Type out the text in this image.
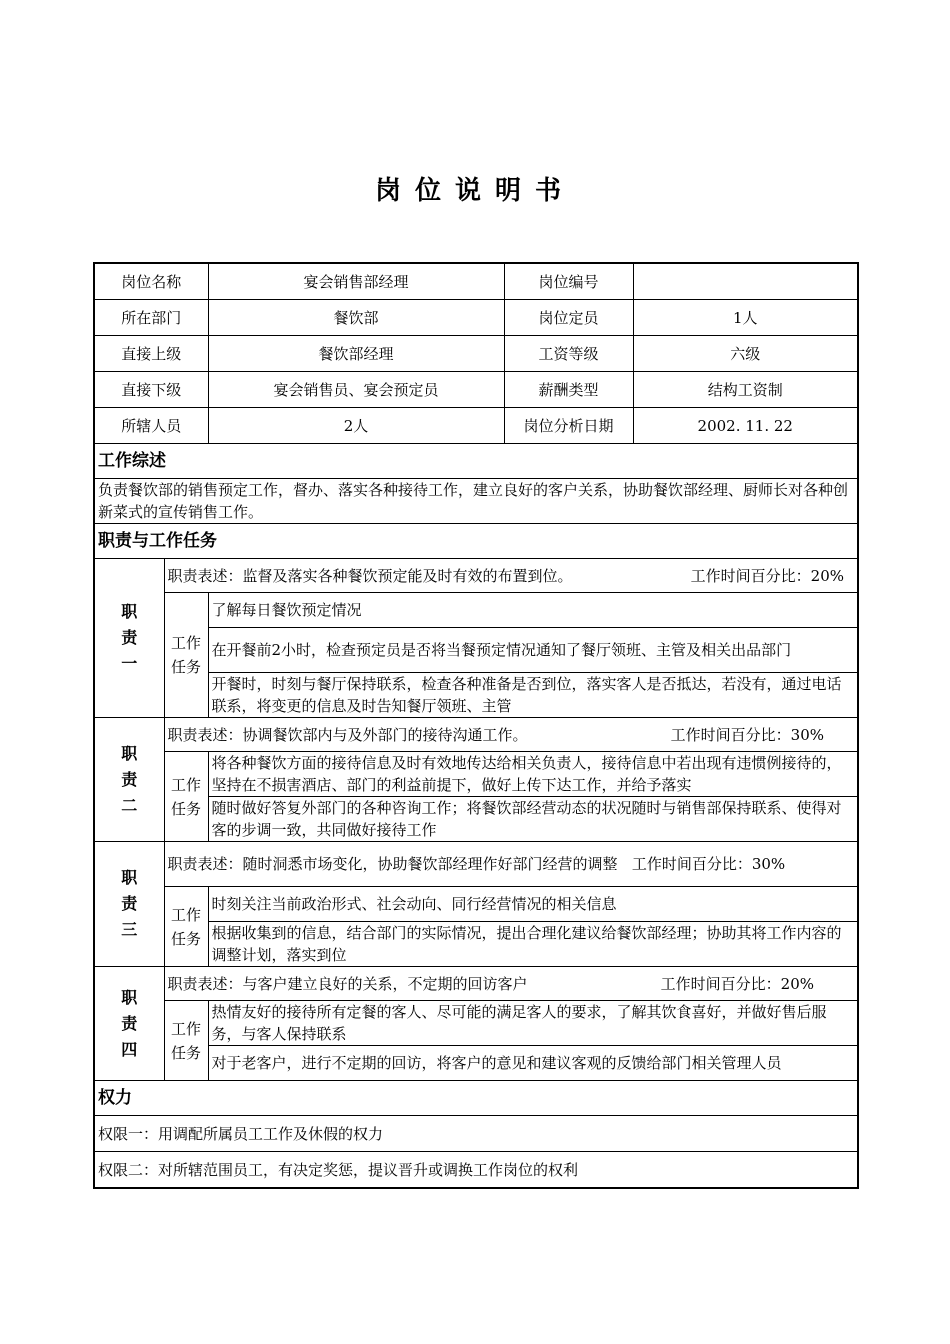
岗位说明书
岗位名称		宴会销售部经理	岗位编号	
所在部门		餐饮部	岗位定员	1人
直接上级		餐饮部经理	工资等级	六级
直接下级		宴会销售员、宴会预定员	薪酬类型	结构工资制
所辖人员		2人	岗位分析日期	2002. 11. 22
工作综述				
负责餐饮部的销售预定工作，督办、落实各种接待工作，建立良好的客户关系，协助餐饮部经理、厨师长对各种创新菜式的宣传销售工作。				
职责与工作任务				

职责一	职责表述：监督及落实各种餐饮预定能及时有效的布置到位。 工作时间百分比：20%			

	工作任务	了解每日餐饮预定情况		
		在开餐前2小时，检查预定员是否将当餐预定情况通知了餐厅领班、主管及相关出品部门		
		开餐时，时刻与餐厅保持联系，检查各种准备是否到位，落实客人是否抵达，若没有，通过电话联系，将变更的信息及时告知餐厅领班、主管		

职责二	职责表述：协调餐饮部内与及外部门的接待沟通工作。 工作时间百分比：30%			

	工作任务	将各种餐饮方面的接待信息及时有效地传达给相关负责人，接待信息中若出现有违惯例接待的，坚持在不损害酒店、部门的利益前提下，做好上传下达工作，并给予落实		
		随时做好答复外部门的各种咨询工作；将餐饮部经营动态的状况随时与销售部保持联系、使得对客的步调一致，共同做好接待工作		

职责三	职责表述：随时洞悉市场变化，协助餐饮部经理作好部门经营的调整 工作时间百分比：30%			

	工作任务	时刻关注当前政治形式、社会动向、同行经营情况的相关信息		
		根据收集到的信息，结合部门的实际情况，提出合理化建议给餐饮部经理；协助其将工作内容的调整计划，落实到位		

职责四	职责表述：与客户建立良好的关系，不定期的回访客户 工作时间百分比：20%			

	工作任务	热情友好的接待所有定餐的客人、尽可能的满足客人的要求，了解其饮食喜好，并做好售后服务，与客人保持联系		
		对于老客户，进行不定期的回访，将客户的意见和建议客观的反馈给部门相关管理人员		
权力				
权限一：用调配所属员工工作及休假的权力				
权限二：对所辖范围员工，有决定奖惩，提议晋升或调换工作岗位的权利				
